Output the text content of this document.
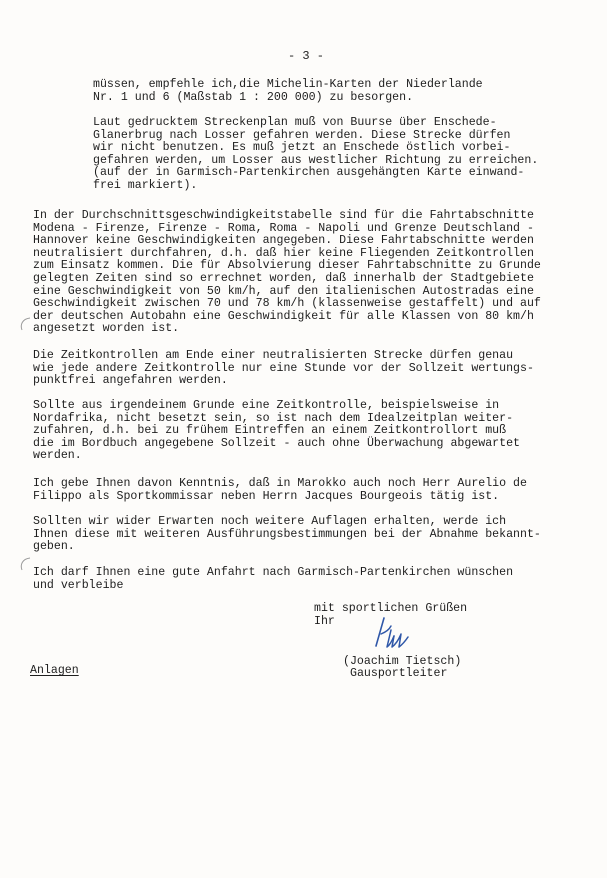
- 3 -
müssen, empfehle ich,die Michelin-Karten der Niederlande
Nr. 1 und 6 (Maßstab 1 : 200 000) zu besorgen.
Laut gedrucktem Streckenplan muß von Buurse über Enschede-
Glanerbrug nach Losser gefahren werden. Diese Strecke dürfen
wir nicht benutzen. Es muß jetzt an Enschede östlich vorbei-
gefahren werden, um Losser aus westlicher Richtung zu erreichen.
(auf der in Garmisch-Partenkirchen ausgehängten Karte einwand-
frei markiert).
In der Durchschnittsgeschwindigkeitstabelle sind für die Fahrtabschnitte
Modena - Firenze, Firenze - Roma, Roma - Napoli und Grenze Deutschland -
Hannover keine Geschwindigkeiten angegeben. Diese Fahrtabschnitte werden
neutralisiert durchfahren, d.h. daß hier keine Fliegenden Zeitkontrollen
zum Einsatz kommen. Die für Absolvierung dieser Fahrtabschnitte zu Grunde
gelegten Zeiten sind so errechnet worden, daß innerhalb der Stadtgebiete
eine Geschwindigkeit von 50 km/h, auf den italienischen Autostradas eine
Geschwindigkeit zwischen 70 und 78 km/h (klassenweise gestaffelt) und auf
der deutschen Autobahn eine Geschwindigkeit für alle Klassen von 80 km/h
angesetzt worden ist.
Die Zeitkontrollen am Ende einer neutralisierten Strecke dürfen genau
wie jede andere Zeitkontrolle nur eine Stunde vor der Sollzeit wertungs-
punktfrei angefahren werden.
Sollte aus irgendeinem Grunde eine Zeitkontrolle, beispielsweise in
Nordafrika, nicht besetzt sein, so ist nach dem Idealzeitplan weiter-
zufahren, d.h. bei zu frühem Eintreffen an einem Zeitkontrollort muß
die im Bordbuch angegebene Sollzeit - auch ohne Überwachung abgewartet
werden.
Ich gebe Ihnen davon Kenntnis, daß in Marokko auch noch Herr Aurelio de
Filippo als Sportkommissar neben Herrn Jacques Bourgeois tätig ist.
Sollten wir wider Erwarten noch weitere Auflagen erhalten, werde ich
Ihnen diese mit weiteren Ausführungsbestimmungen bei der Abnahme bekannt-
geben.
Ich darf Ihnen eine gute Anfahrt nach Garmisch-Partenkirchen wünschen
und verbleibe
mit sportlichen Grüßen
Ihr
(Joachim Tietsch)
Gausportleiter
Anlagen
